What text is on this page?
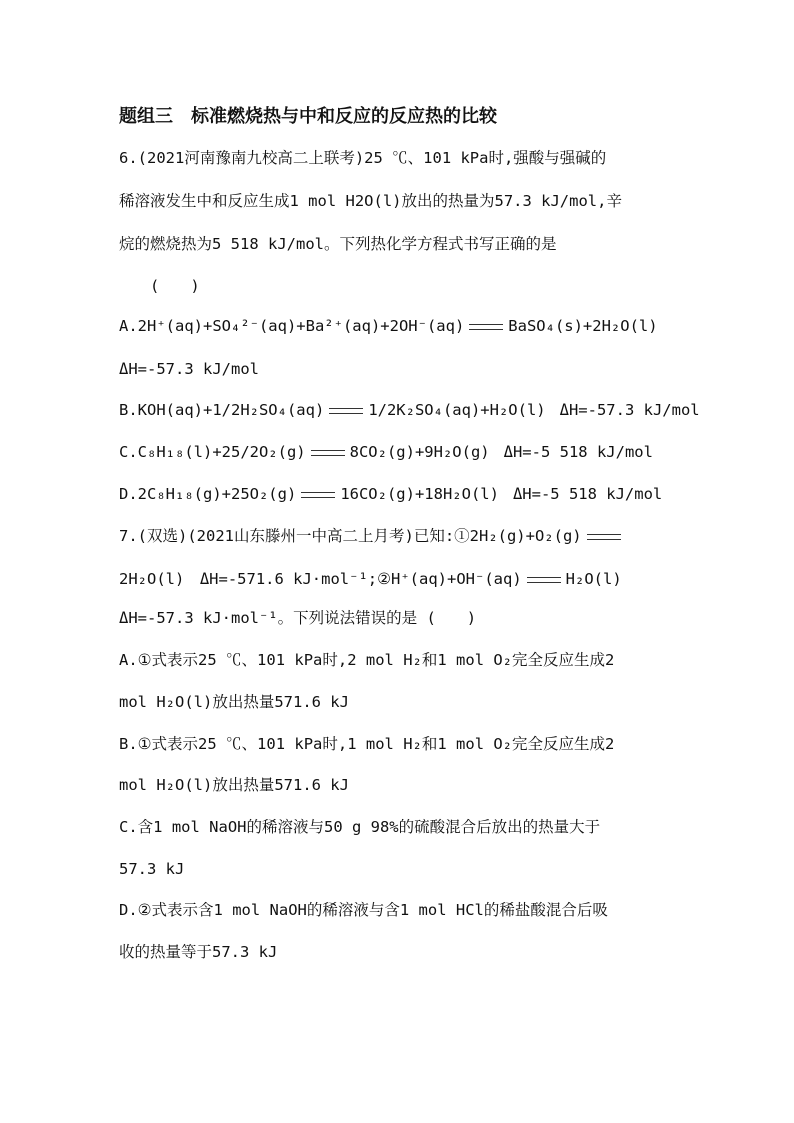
题组三　标准燃烧热与中和反应的反应热的比较
6.(2021河南豫南九校高二上联考)25 ℃、101 kPa时,强酸与强碱的
稀溶液发生中和反应生成1 mol H2O(l)放出的热量为57.3 kJ/mol,辛
烷的燃烧热为5 518 kJ/mol。下列热化学方程式书写正确的是
(　　)
A.2H⁺(aq)+SO₄²⁻(aq)+Ba²⁺(aq)+2OH⁻(aq)	BaSO₄(s)+2H₂O(l)
ΔH=-57.3 kJ/mol
B.KOH(aq)+1/2H₂SO₄(aq)	1/2K₂SO₄(aq)+H₂O(l) ΔH=-57.3 kJ/mol
C.C₈H₁₈(l)+25/2O₂(g)	8CO₂(g)+9H₂O(g) ΔH=-5 518 kJ/mol
D.2C₈H₁₈(g)+25O₂(g)	16CO₂(g)+18H₂O(l) ΔH=-5 518 kJ/mol
7.(双选)(2021山东滕州一中高二上月考)已知:①2H₂(g)+O₂(g)
2H₂O(l)　ΔH=-571.6 kJ·mol⁻¹;②H⁺(aq)+OH⁻(aq)	H₂O(l)
ΔH=-57.3 kJ·mol⁻¹。下列说法错误的是 (　　)
A.①式表示25 ℃、101 kPa时,2 mol H₂和1 mol O₂完全反应生成2
mol H₂O(l)放出热量571.6 kJ
B.①式表示25 ℃、101 kPa时,1 mol H₂和1 mol O₂完全反应生成2
mol H₂O(l)放出热量571.6 kJ
C.含1 mol NaOH的稀溶液与50 g 98%的硫酸混合后放出的热量大于
57.3 kJ
D.②式表示含1 mol NaOH的稀溶液与含1 mol HCl的稀盐酸混合后吸
收的热量等于57.3 kJ
